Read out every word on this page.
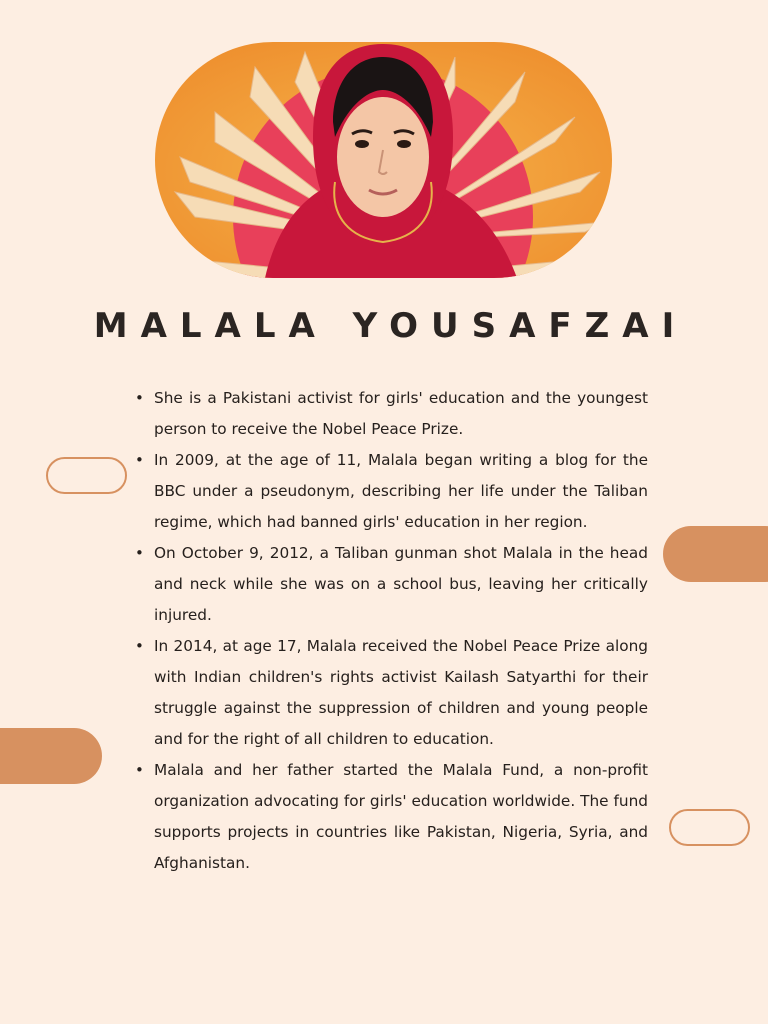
MALALA YOUSAFZAI
• She is a Pakistani activist for girls' education and the youngest person to receive the Nobel Peace Prize.
• In 2009, at the age of 11, Malala began writing a blog for the BBC under a pseudonym, describing her life under the Taliban regime, which had banned girls' education in her region.
• On October 9, 2012, a Taliban gunman shot Malala in the head and neck while she was on a school bus, leaving her critically injured.
• In 2014, at age 17, Malala received the Nobel Peace Prize along with Indian children's rights activist Kailash Satyarthi for their struggle against the suppression of children and young people and for the right of all children to education.
• Malala and her father started the Malala Fund, a non-profit organization advocating for girls' education worldwide. The fund supports projects in countries like Pakistan, Nigeria, Syria, and Afghanistan.
